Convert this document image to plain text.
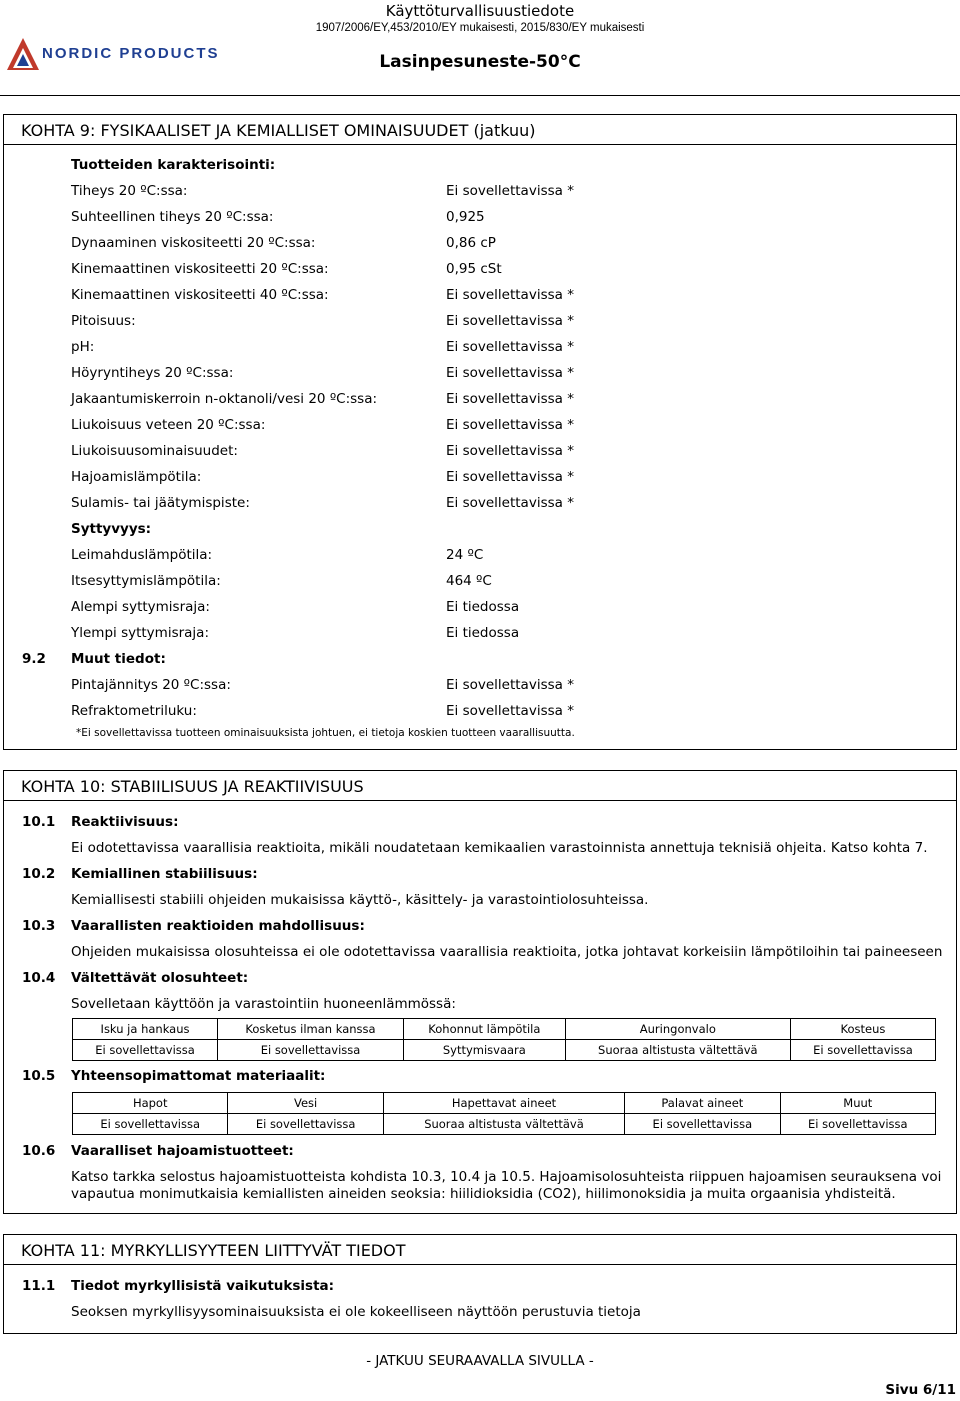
Käyttöturvallisuustiedote
1907/2006/EY,453/2010/EY mukaisesti, 2015/830/EY mukaisesti
Lasinpesuneste-50°C
NORDIC PRODUCTS
KOHTA 9: FYSIKAALISET JA KEMIALLISET OMINAISUUDET (jatkuu)
Tuotteiden karakterisointi:
Tiheys 20 ºC:ssa:	Ei sovellettavissa *
Suhteellinen tiheys 20 ºC:ssa:	0,925
Dynaaminen viskositeetti 20 ºC:ssa:	0,86 cP
Kinemaattinen viskositeetti 20 ºC:ssa:	0,95 cSt
Kinemaattinen viskositeetti 40 ºC:ssa:	Ei sovellettavissa *
Pitoisuus:	Ei sovellettavissa *
pH:	Ei sovellettavissa *
Höyryntiheys 20 ºC:ssa:	Ei sovellettavissa *
Jakaantumiskerroin n-oktanoli/vesi 20 ºC:ssa:	Ei sovellettavissa *
Liukoisuus veteen 20 ºC:ssa:	Ei sovellettavissa *
Liukoisuusominaisuudet:	Ei sovellettavissa *
Hajoamislämpötila:	Ei sovellettavissa *
Sulamis- tai jäätymispiste:	Ei sovellettavissa *
Syttyvyys:
Leimahduslämpötila:	24 ºC
Itsesyttymislämpötila:	464 ºC
Alempi syttymisraja:	Ei tiedossa
Ylempi syttymisraja:	Ei tiedossa
9.2 Muut tiedot:
Pintajännitys 20 ºC:ssa:	Ei sovellettavissa *
Refraktometriluku:	Ei sovellettavissa *
*Ei sovellettavissa tuotteen ominaisuuksista johtuen, ei tietoja koskien tuotteen vaarallisuutta.
KOHTA 10: STABIILISUUS JA REAKTIIVISUUS
10.1 Reaktiivisuus:
Ei odotettavissa vaarallisia reaktioita, mikäli noudatetaan kemikaalien varastoinnista annettuja teknisiä ohjeita. Katso kohta 7.
10.2 Kemiallinen stabiilisuus:
Kemiallisesti stabiili ohjeiden mukaisissa käyttö-, käsittely- ja varastointiolosuhteissa.
10.3 Vaarallisten reaktioiden mahdollisuus:
Ohjeiden mukaisissa olosuhteissa ei ole odotettavissa vaarallisia reaktioita, jotka johtavat korkeisiin lämpötiloihin tai paineeseen
10.4 Vältettävät olosuhteet:
Sovelletaan käyttöön ja varastointiin huoneenlämmössä:
Isku ja hankaus	Kosketus ilman kanssa	Kohonnut lämpötila	Auringonvalo	Kosteus
Ei sovellettavissa	Ei sovellettavissa	Syttymisvaara	Suoraa altistusta vältettävä	Ei sovellettavissa
10.5 Yhteensopimattomat materiaalit:
Hapot	Vesi	Hapettavat aineet	Palavat aineet	Muut
Ei sovellettavissa	Ei sovellettavissa	Suoraa altistusta vältettävä	Ei sovellettavissa	Ei sovellettavissa
10.6 Vaaralliset hajoamistuotteet:
Katso tarkka selostus hajoamistuotteista kohdista 10.3, 10.4 ja 10.5. Hajoamisolosuhteista riippuen hajoamisen seurauksena voi
vapautua monimutkaisia kemiallisten aineiden seoksia: hiilidioksidia (CO2), hiilimonoksidia ja muita orgaanisia yhdisteitä.
KOHTA 11: MYRKYLLISYYTEEN LIITTYVÄT TIEDOT
11.1 Tiedot myrkyllisistä vaikutuksista:
Seoksen myrkyllisyysominaisuuksista ei ole kokeelliseen näyttöön perustuvia tietoja
- JATKUU SEURAAVALLA SIVULLA -
Sivu 6/11
